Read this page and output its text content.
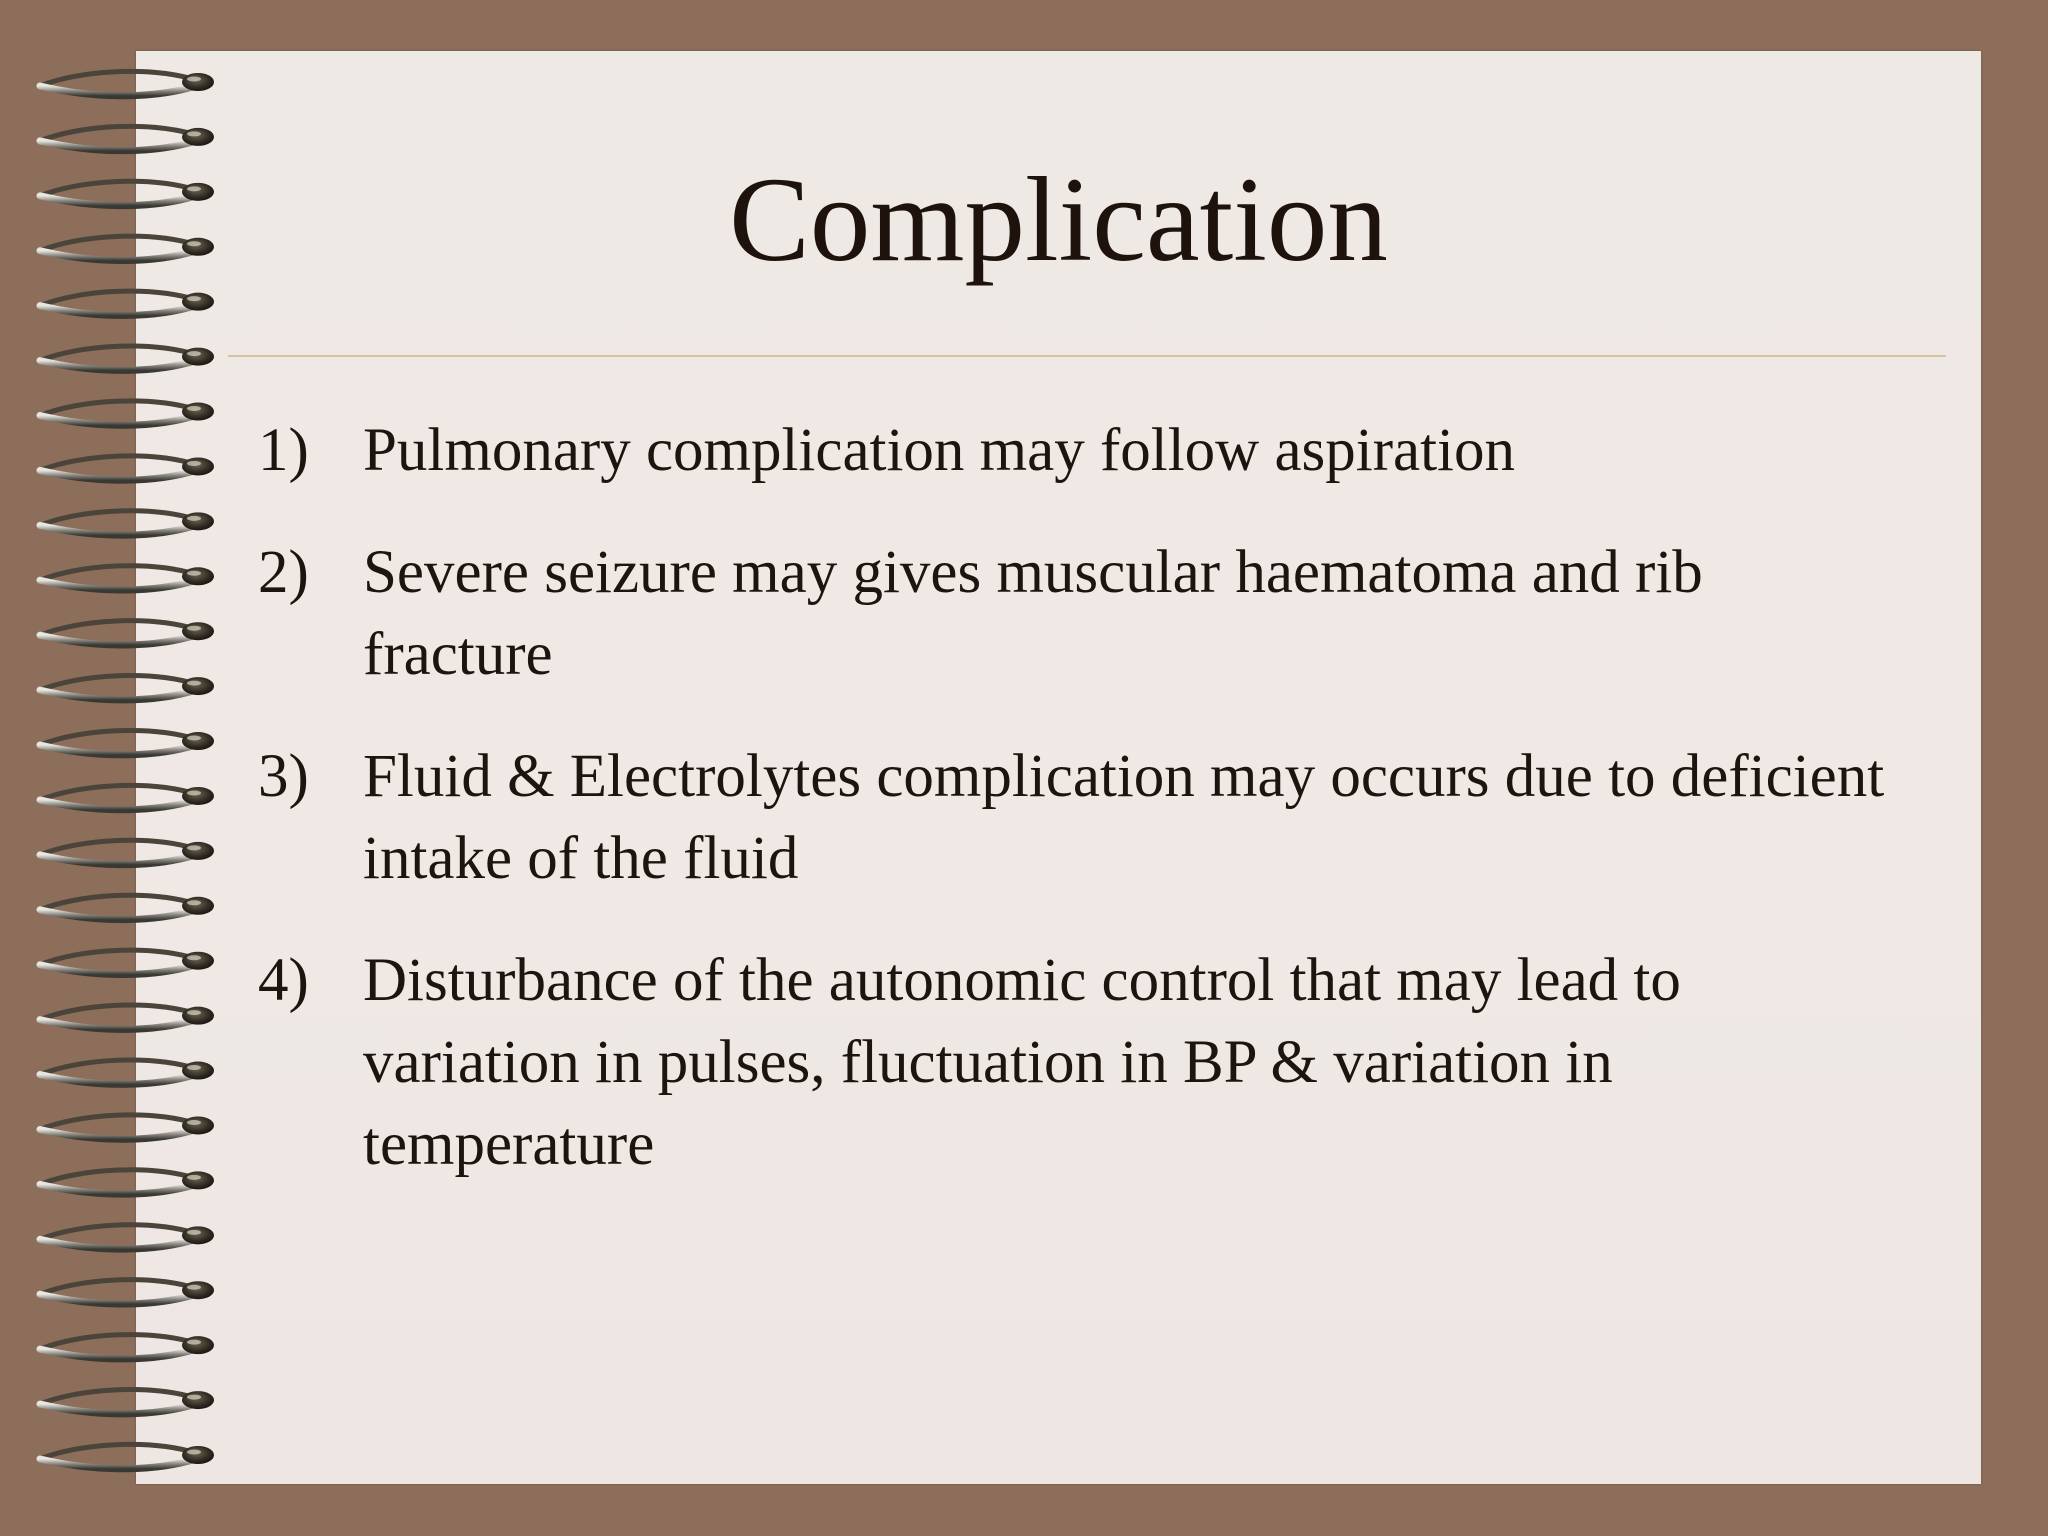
Complication
1) Pulmonary complication may follow aspiration
2) Severe seizure may gives muscular haematoma and rib fracture
3) Fluid & Electrolytes complication may occurs due to deficient intake of the fluid
4) Disturbance of the autonomic control that may lead to variation in pulses, fluctuation in BP & variation in temperature
